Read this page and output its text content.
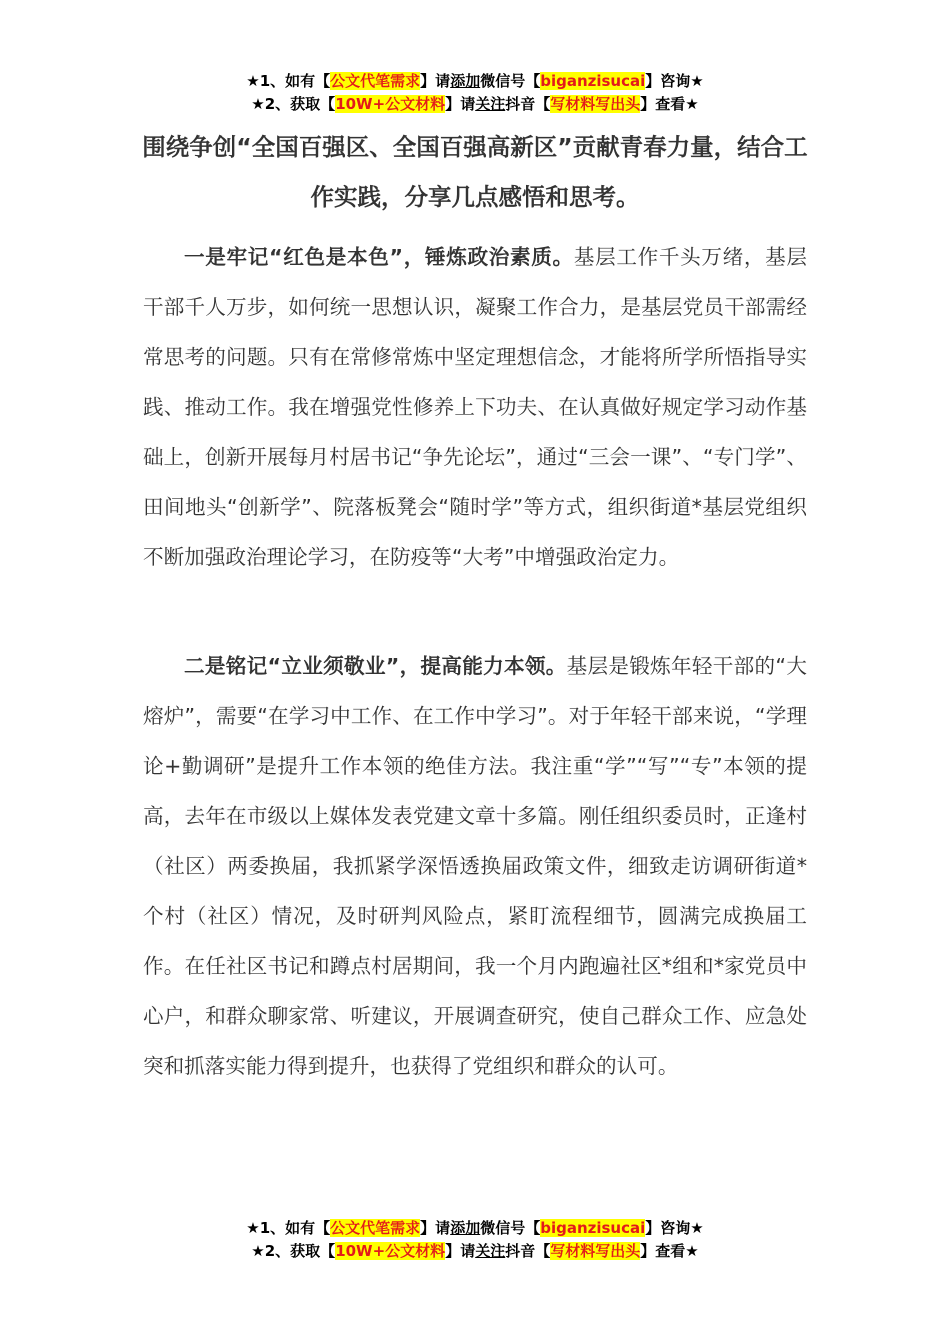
★1、如有【公文代笔需求】请添加微信号【biganzisucai】咨询★
★2、获取【10W+公文材料】请关注抖音【写材料写出头】查看★
围绕争创“全国百强区、全国百强高新区”贡献青春力量，结合工作实践，分享几点感悟和思考。

一是牢记“红色是本色”，锤炼政治素质。基层工作千头万绪，基层干部千人万步，如何统一思想认识，凝聚工作合力，是基层党员干部需经常思考的问题。只有在常修常炼中坚定理想信念，才能将所学所悟指导实践、推动工作。我在增强党性修养上下功夫、在认真做好规定学习动作基础上，创新开展每月村居书记“争先论坛”，通过“三会一课”、“专门学”、田间地头“创新学”、院落板凳会“随时学”等方式，组织街道*基层党组织不断加强政治理论学习，在防疫等“大考”中增强政治定力。

二是铭记“立业须敬业”，提高能力本领。基层是锻炼年轻干部的“大熔炉”，需要“在学习中工作、在工作中学习”。对于年轻干部来说，“学理论+勤调研”是提升工作本领的绝佳方法。我注重“学”“写”“专”本领的提高，去年在市级以上媒体发表党建文章十多篇。刚任组织委员时，正逢村（社区）两委换届，我抓紧学深悟透换届政策文件，细致走访调研街道*个村（社区）情况，及时研判风险点，紧盯流程细节，圆满完成换届工作。在任社区书记和蹲点村居期间，我一个月内跑遍社区*组和*家党员中心户，和群众聊家常、听建议，开展调查研究，使自己群众工作、应急处突和抓落实能力得到提升，也获得了党组织和群众的认可。

★1、如有【公文代笔需求】请添加微信号【biganzisucai】咨询★
★2、获取【10W+公文材料】请关注抖音【写材料写出头】查看★
